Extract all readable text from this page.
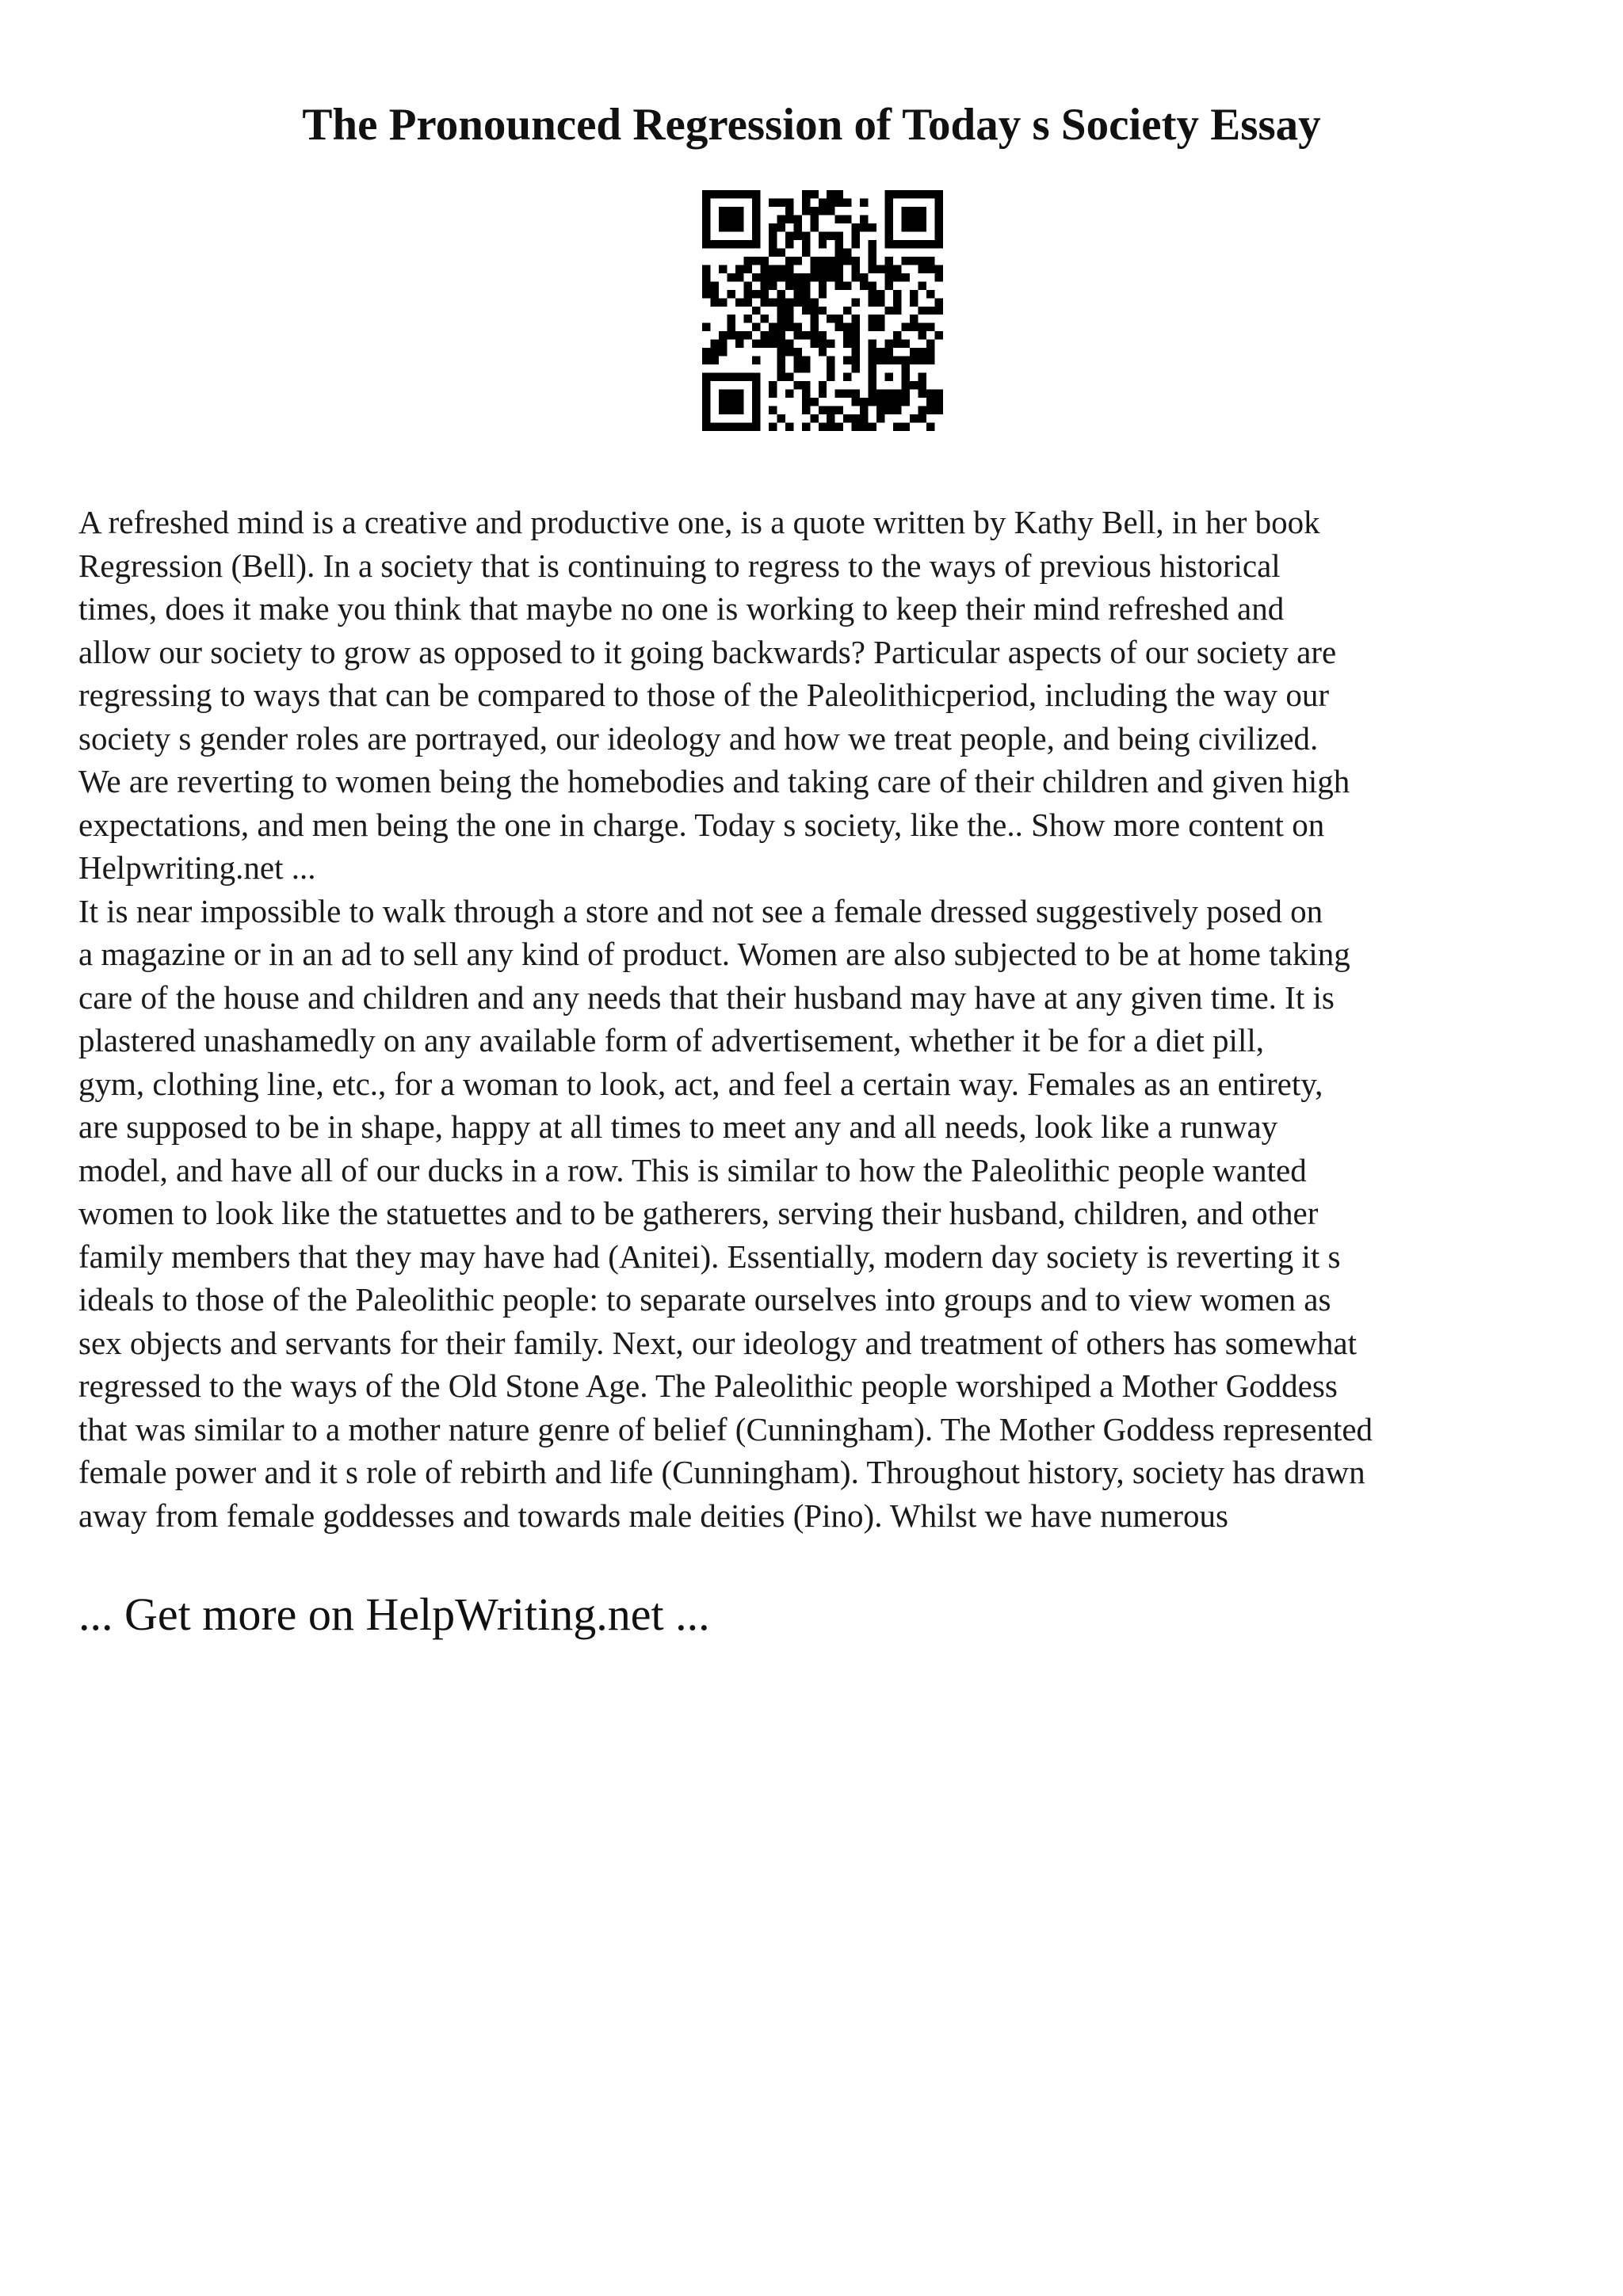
The Pronounced Regression of Today s Society Essay

A refreshed mind is a creative and productive one, is a quote written by Kathy Bell, in her book
Regression (Bell). In a society that is continuing to regress to the ways of previous historical
times, does it make you think that maybe no one is working to keep their mind refreshed and
allow our society to grow as opposed to it going backwards? Particular aspects of our society are
regressing to ways that can be compared to those of the Paleolithicperiod, including the way our
society s gender roles are portrayed, our ideology and how we treat people, and being civilized.
We are reverting to women being the homebodies and taking care of their children and given high
expectations, and men being the one in charge. Today s society, like the.. Show more content on
Helpwriting.net ...

It is near impossible to walk through a store and not see a female dressed suggestively posed on
a magazine or in an ad to sell any kind of product. Women are also subjected to be at home taking
care of the house and children and any needs that their husband may have at any given time. It is
plastered unashamedly on any available form of advertisement, whether it be for a diet pill,
gym, clothing line, etc., for a woman to look, act, and feel a certain way. Females as an entirety,
are supposed to be in shape, happy at all times to meet any and all needs, look like a runway
model, and have all of our ducks in a row. This is similar to how the Paleolithic people wanted
women to look like the statuettes and to be gatherers, serving their husband, children, and other
family members that they may have had (Anitei). Essentially, modern day society is reverting it s
ideals to those of the Paleolithic people: to separate ourselves into groups and to view women as
sex objects and servants for their family. Next, our ideology and treatment of others has somewhat
regressed to the ways of the Old Stone Age. The Paleolithic people worshiped a Mother Goddess
that was similar to a mother nature genre of belief (Cunningham). The Mother Goddess represented
female power and it s role of rebirth and life (Cunningham). Throughout history, society has drawn
away from female goddesses and towards male deities (Pino). Whilst we have numerous

... Get more on HelpWriting.net ...
